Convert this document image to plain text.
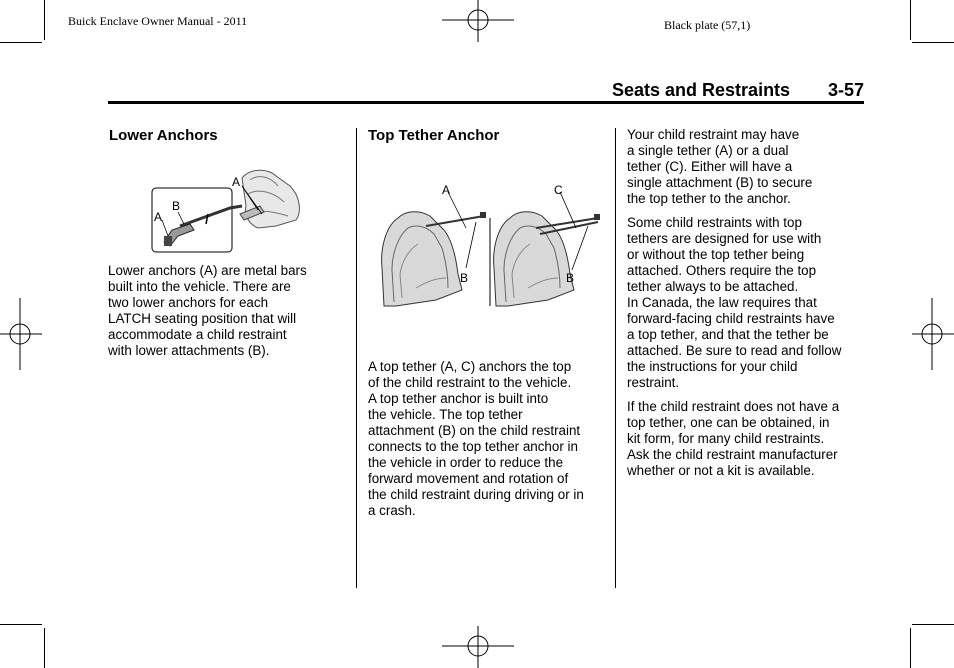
Buick Enclave Owner Manual - 2011	Black plate (57,1)
Seats and Restraints 3-57
Lower Anchors
A
B
A

Lower anchors (A) are metal bars
built into the vehicle. There are
two lower anchors for each
LATCH seating position that will
accommodate a child restraint
with lower attachments (B).

Top Tether Anchor
A
B
C
B

A top tether (A, C) anchors the top
of the child restraint to the vehicle.
A top tether anchor is built into
the vehicle. The top tether
attachment (B) on the child restraint
connects to the top tether anchor in
the vehicle in order to reduce the
forward movement and rotation of
the child restraint during driving or in
a crash.

Your child restraint may have
a single tether (A) or a dual
tether (C). Either will have a
single attachment (B) to secure
the top tether to the anchor.

Some child restraints with top
tethers are designed for use with
or without the top tether being
attached. Others require the top
tether always to be attached.
In Canada, the law requires that
forward-facing child restraints have
a top tether, and that the tether be
attached. Be sure to read and follow
the instructions for your child
restraint.

If the child restraint does not have a
top tether, one can be obtained, in
kit form, for many child restraints.
Ask the child restraint manufacturer
whether or not a kit is available.
